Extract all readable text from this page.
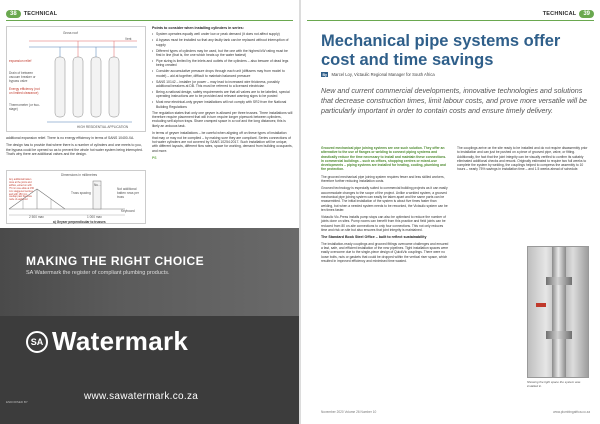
38	TECHNICAL
Gross roof
Vent
expansion relief
Drain of between vacuum breaker or bypass valve
Energy efficiency (not on limited clearance)
Thermometer (or two-stage)
HIGH RESIDENTIAL APPLICATION

additional expansion relief. There is no energy efficiency in terms of SANS 10400-XA.

The design has to provide that where there is a number of cylinders and one meets to you, the bypass could be opened so as to prevent the whole hot water system being interrupted. That's why there are additional valves and the design.

Dimensions in millimetres
Any additional batten rows at the joints and airflow, exited on with 75 mm one-slide at 150 mm staggered centres and with 150 mm overlap past the truss node of each end
Truss spacing
Nu...
Not additional batten rows per truss
2 500 max	1 000 max
Keyboard
a) Geyser perpendicular to trusses
Points to consider when installing cylinders in series:
• System operates equally well under low or peak demand (it does not affect supply)
• A bypass must be installed so that any faulty tank can be replaced without interruption of supply
• Different types of cylinders may be used, but the one with the highest kW rating must be first in line (that is, the one which heats up the water fastest)
• Pipe sizing is limited by the inlets and outlets of the cylinders – also beware of dead legs being created
• Consider accumulative pressure drops through each unit (diffusers may from model to model) – aid at together, difficult to maintain balanced pressure
• SANS 10142 – installer (or power – may lead to increased wire thickness, possibly additional breakers at DB. This must be referred to a licensed electrician
• Being a national design, safety requirements are that all valves are to be labelled, special operating instructions are to be provided and relevant warning signs to be posted
• Most new electrical-only geyser installations will not comply with SR2 from the National Building Regulations

The regulation states that only one geyser is allowed per three trusses. Three installations will therefore require placement that will in turn require longer pipework between cylinders, excluding self-siphon traps. Share cramped space in a roof and the long distances; this is likely an arduous task.

In terms of geyser installations – be careful when aligning off on these types of installation that may or may not be complied – by making sure they are compliant. Series connections of hot water cylinders are not covered by SANS 10254:2017. Such installation will be unique, with different layouts, different flow rates, space for working, demand from building occupants, and more.

PS

MAKING THE RIGHT CHOICE
SA Watermark the register of compliant plumbing products.
SA Watermark
ENDORSED BY	www.sawatermark.co.za
TECHNICAL	39
Mechanical pipe systems offer cost and time savings
By	Marcel Loy, Victaulic Regional Manager for South Africa
New and current commercial developments, innovative technologies and solutions that decrease construction times, limit labour costs, and prove more versatile will be particularly important in order to contain costs and ensure timely delivery.

Grooved mechanical pipe joining systems are one such solution. They offer an alternative to the use of flanges or welding to connect piping systems and drastically reduce the time necessary to install and maintain these connections. In commercial buildings – such as offices, shopping centres or mixed-use developments – piping systems are installed for heating, cooling, plumbing and fire protection.

The grooved mechanical pipe joining system requires fewer and less skilled workers, therefore further reducing installation costs.

Grooved technology is especially suited to commercial building projects as it can easily accommodate changes to the scope of the project. Unlike a welded system, a grooved mechanical pipe joining system can easily be taken apart and the same parts can be reassembled. The initial installation of the system is about five times faster than welding, but when a needed system needs to be reworked, the Victaulic system can be ten times faster.

Victaulic Vic-Press installs pump stops can also be optimised to reduce the number of joints done on sites. Pump rooms can benefit from this practice and field joints can be reduced from 80 on-site connections to only four connections. This not only reduces time and risk on site but also ensures that joint integrity is maintained.

The Standard Book Steel Office – built to reflect sustainability

The installation-ready couplings and grooved fittings overcame challenges and ensured a fast, safe, and efficient installation of the new pipelines. Tight installation spaces were easily overcome due to the single-piece design of QuickVic couplings. There were no loose bolts, nuts or gaskets that could be dropped within the vertical riser space, which resulted in improved efficiency and minimised time wasted.

The couplings arrive on the site ready to be installed and do not require disassembly prior to installation and can just be pushed on a piece of grooved pipe, valve, or fitting. Additionally, the fact that the joint integrity can be visually verified to confirm its suitably eliminated additional checks and rework. Originally estimated to require two full weeks to complete the system by welding, the couplings helped to compress the assembly to 10 hours – nearly 75% savings in installation time – and 1.5 weeks ahead of schedule.

Showing the tight space the system was installed in.
November 2020 Volume 26 Number 10	www.plumbingafrica.co.za
